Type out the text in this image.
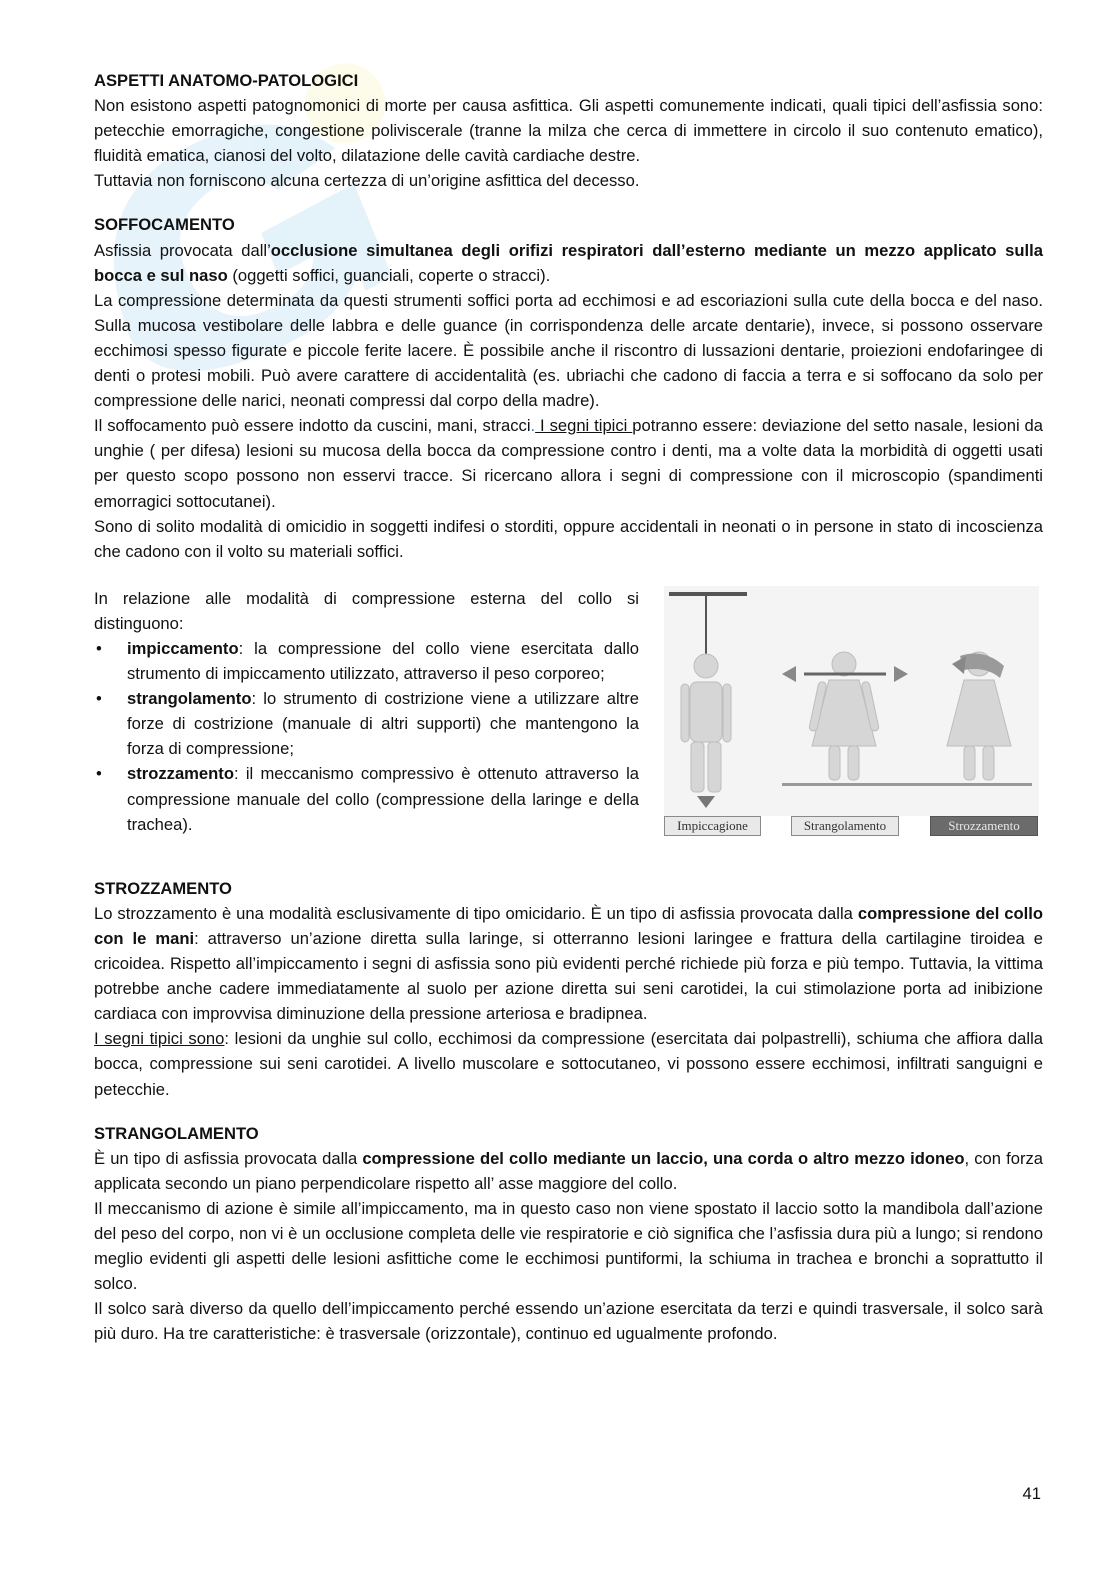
ASPETTI ANATOMO-PATOLOGICI

Non esistono aspetti patognomonici di morte per causa asfittica. Gli aspetti comunemente indicati, quali tipici dell’asfissia sono: petecchie emorragiche, congestione poliviscerale (tranne la milza che cerca di immettere in circolo il suo contenuto ematico), fluidità ematica, cianosi del volto, dilatazione delle cavità cardiache destre.

Tuttavia non forniscono alcuna certezza di un’origine asfittica del decesso.

SOFFOCAMENTO

Asfissia provocata dall’occlusione simultanea degli orifizi respiratori dall’esterno mediante un mezzo applicato sulla bocca e sul naso (oggetti soffici, guanciali, coperte o stracci).

La compressione determinata da questi strumenti soffici porta ad ecchimosi e ad escoriazioni sulla cute della bocca e del naso. Sulla mucosa vestibolare delle labbra e delle guance (in corrispondenza delle arcate dentarie), invece, si possono osservare ecchimosi spesso figurate e piccole ferite lacere. È possibile anche il riscontro di lussazioni dentarie, proiezioni endofaringee di denti o protesi mobili. Può avere carattere di accidentalità (es. ubriachi che cadono di faccia a terra e si soffocano da solo per compressione delle narici, neonati compressi dal corpo della madre).

Il soffocamento può essere indotto da cuscini, mani, stracci. I segni tipici potranno essere: deviazione del setto nasale, lesioni da unghie ( per difesa) lesioni su mucosa della bocca da compressione contro i denti, ma a volte data la morbidità di oggetti usati per questo scopo possono non esservi tracce. Si ricercano allora i segni di compressione con il microscopio (spandimenti emorragici sottocutanei).

Sono di solito modalità di omicidio in soggetti indifesi o storditi, oppure accidentali in neonati o in persone in stato di incoscienza che cadono con il volto su materiali soffici.

In relazione alle modalità di compressione esterna del collo si distinguono:

• impiccamento: la compressione del collo viene esercitata dallo strumento di impiccamento utilizzato, attraverso il peso corporeo;
• strangolamento: lo strumento di costrizione viene a utilizzare altre forze di costrizione (manuale di altri supporti) che mantengono la forza di compressione;
• strozzamento: il meccanismo compressivo è ottenuto attraverso la compressione manuale del collo (compressione della laringe e della trachea).	Impiccagione	Strangolamento	Strozzamento

STROZZAMENTO

Lo strozzamento è una modalità esclusivamente di tipo omicidario. È un tipo di asfissia provocata dalla compressione del collo con le mani: attraverso un’azione diretta sulla laringe, si otterranno lesioni laringee e frattura della cartilagine tiroidea e cricoidea. Rispetto all’impiccamento i segni di asfissia sono più evidenti perché richiede più forza e più tempo. Tuttavia, la vittima potrebbe anche cadere immediatamente al suolo per azione diretta sui seni carotidei, la cui stimolazione porta ad inibizione cardiaca con improvvisa diminuzione della pressione arteriosa e bradipnea.

I segni tipici sono: lesioni da unghie sul collo, ecchimosi da compressione (esercitata dai polpastrelli), schiuma che affiora dalla bocca, compressione sui seni carotidei. A livello muscolare e sottocutaneo, vi possono essere ecchimosi, infiltrati sanguigni e petecchie.

STRANGOLAMENTO

È un tipo di asfissia provocata dalla compressione del collo mediante un laccio, una corda o altro mezzo idoneo, con forza applicata secondo un piano perpendicolare rispetto all’ asse maggiore del collo.

Il meccanismo di azione è simile all’impiccamento, ma in questo caso non viene spostato il laccio sotto la mandibola dall’azione del peso del corpo, non vi è un occlusione completa delle vie respiratorie e ciò significa che l’asfissia dura più a lungo; si rendono meglio evidenti gli aspetti delle lesioni asfittiche come le ecchimosi puntiformi, la schiuma in trachea e bronchi a soprattutto il solco.

Il solco sarà diverso da quello dell’impiccamento perché essendo un’azione esercitata da terzi e quindi trasversale, il solco sarà più duro. Ha tre caratteristiche: è trasversale (orizzontale), continuo ed ugualmente profondo.

41
